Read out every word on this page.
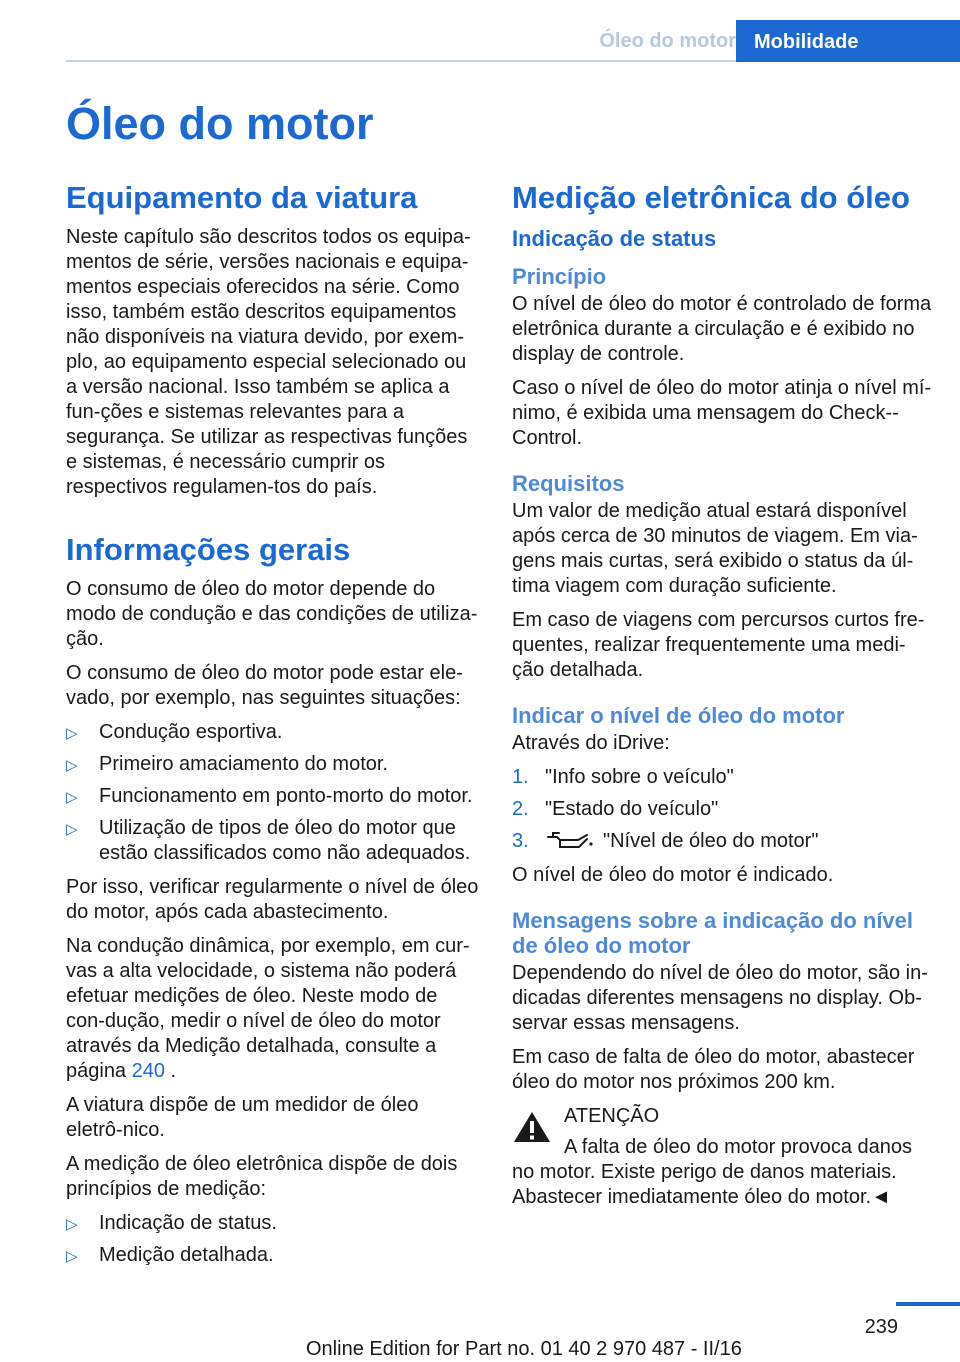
Óleo do motor Mobilidade
Óleo do motor
Equipamento da viatura

Neste capítulo são descritos todos os equipa-mentos de série, versões nacionais e equipa-mentos especiais oferecidos na série. Como isso, também estão descritos equipamentos não disponíveis na viatura devido, por exem-plo, ao equipamento especial selecionado ou a versão nacional. Isso também se aplica a fun-ções e sistemas relevantes para a segurança. Se utilizar as respectivas funções e sistemas, é necessário cumprir os respectivos regulamen-tos do país.

Informações gerais

O consumo de óleo do motor depende do modo de condução e das condições de utiliza-ção.

O consumo de óleo do motor pode estar ele-vado, por exemplo, nas seguintes situações:

▷ Condução esportiva.
▷ Primeiro amaciamento do motor.
▷ Funcionamento em ponto-morto do motor.
▷ Utilização de tipos de óleo do motor que estão classificados como não adequados.

Por isso, verificar regularmente o nível de óleo do motor, após cada abastecimento.

Na condução dinâmica, por exemplo, em cur-vas a alta velocidade, o sistema não poderá efetuar medições de óleo. Neste modo de con-dução, medir o nível de óleo do motor através da Medição detalhada, consulte a página 240 .

A viatura dispõe de um medidor de óleo eletrô-nico.

A medição de óleo eletrônica dispõe de dois princípios de medição:

▷ Indicação de status.
▷ Medição detalhada.
Medição eletrônica do óleo
Indicação de status
Princípio

O nível de óleo do motor é controlado de forma eletrônica durante a circulação e é exibido no display de controle.

Caso o nível de óleo do motor atinja o nível mí-nimo, é exibida uma mensagem do Check--Control.

Requisitos

Um valor de medição atual estará disponível após cerca de 30 minutos de viagem. Em via-gens mais curtas, será exibido o status da úl-tima viagem com duração suficiente.

Em caso de viagens com percursos curtos fre-quentes, realizar frequentemente uma medi-ção detalhada.

Indicar o nível de óleo do motor

Através do iDrive:

1. "Info sobre o veículo"
2. "Estado do veículo"
3.	"Nível de óleo do motor"

O nível de óleo do motor é indicado.

Mensagens sobre a indicação do nível de óleo do motor

Dependendo do nível de óleo do motor, são in-dicadas diferentes mensagens no display. Ob-servar essas mensagens.

Em caso de falta de óleo do motor, abastecer óleo do motor nos próximos 200 km.

ATENÇÃO

A falta de óleo do motor provoca danos no motor. Existe perigo de danos materiais. Abastecer imediatamente óleo do motor.◄

239
Online Edition for Part no. 01 40 2 970 487 - II/16
